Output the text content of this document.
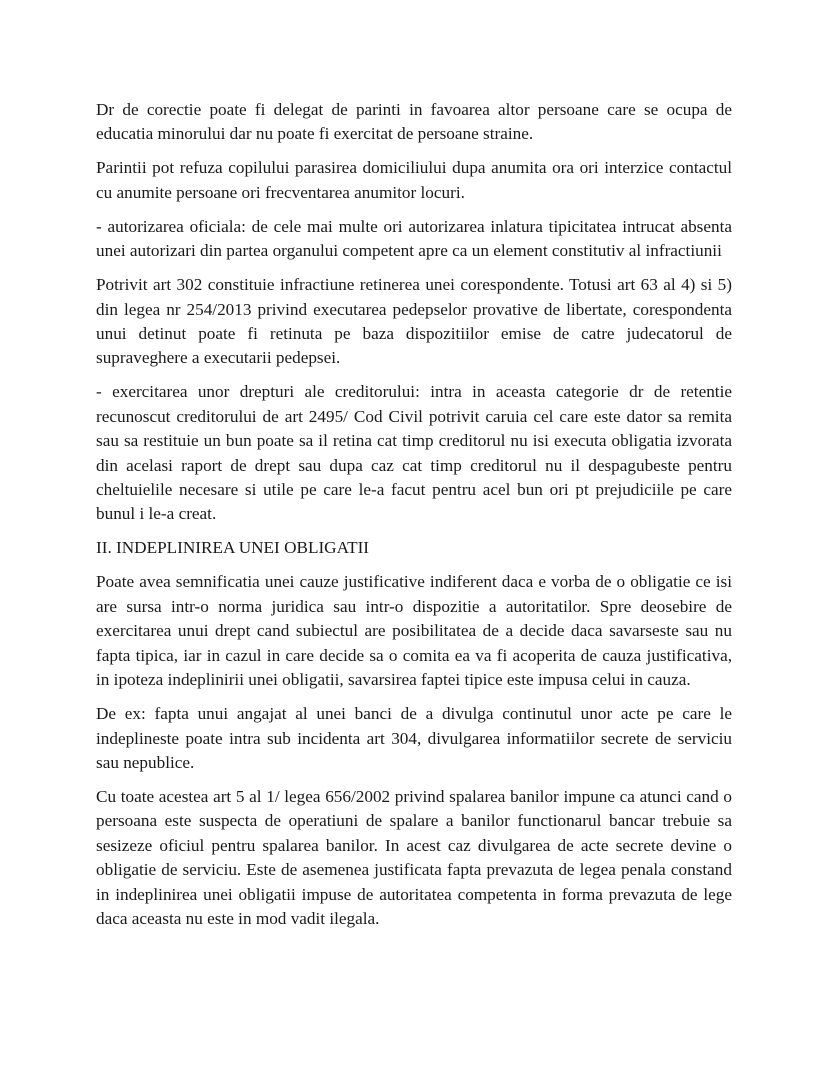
Dr de corectie poate fi delegat de parinti in favoarea altor persoane care se ocupa de educatia minorului dar nu poate fi exercitat de persoane straine.

Parintii pot refuza copilului parasirea domiciliului dupa anumita ora ori interzice contactul cu anumite persoane ori frecventarea anumitor locuri.

- autorizarea oficiala: de cele mai multe ori autorizarea inlatura tipicitatea intrucat absenta unei autorizari din partea organului competent apre ca un element constitutiv al infractiunii

Potrivit art 302 constituie infractiune retinerea unei corespondente. Totusi art 63 al 4) si 5) din legea nr 254/2013 privind executarea pedepselor provative de libertate, corespondenta unui detinut poate fi retinuta pe baza dispozitiilor emise de catre judecatorul de supraveghere a executarii pedepsei.

- exercitarea unor drepturi ale creditorului: intra in aceasta categorie dr de retentie recunoscut creditorului de art 2495/ Cod Civil potrivit caruia cel care este dator sa remita sau sa restituie un bun poate sa il retina cat timp creditorul nu isi executa obligatia izvorata din acelasi raport de drept sau dupa caz cat timp creditorul nu il despagubeste pentru cheltuielile necesare si utile pe care le-a facut pentru acel bun ori pt prejudiciile pe care bunul i le-a creat.

II. INDEPLINIREA UNEI OBLIGATII

Poate avea semnificatia unei cauze justificative indiferent daca e vorba de o obligatie ce isi are sursa intr-o norma juridica sau intr-o dispozitie a autoritatilor. Spre deosebire de exercitarea unui drept cand subiectul are posibilitatea de a decide daca savarseste sau nu fapta tipica, iar in cazul in care decide sa o comita ea va fi acoperita de cauza justificativa, in ipoteza indeplinirii unei obligatii, savarsirea faptei tipice este impusa celui in cauza.

De ex: fapta unui angajat al unei banci de a divulga continutul unor acte pe care le indeplineste poate intra sub incidenta art 304, divulgarea informatiilor secrete de serviciu sau nepublice.

Cu toate acestea art 5 al 1/ legea 656/2002 privind spalarea banilor impune ca atunci cand o persoana este suspecta de operatiuni de spalare a banilor functionarul bancar trebuie sa sesizeze oficiul pentru spalarea banilor. In acest caz divulgarea de acte secrete devine o obligatie de serviciu. Este de asemenea justificata fapta prevazuta de legea penala constand in indeplinirea unei obligatii impuse de autoritatea competenta in forma prevazuta de lege daca aceasta nu este in mod vadit ilegala.
